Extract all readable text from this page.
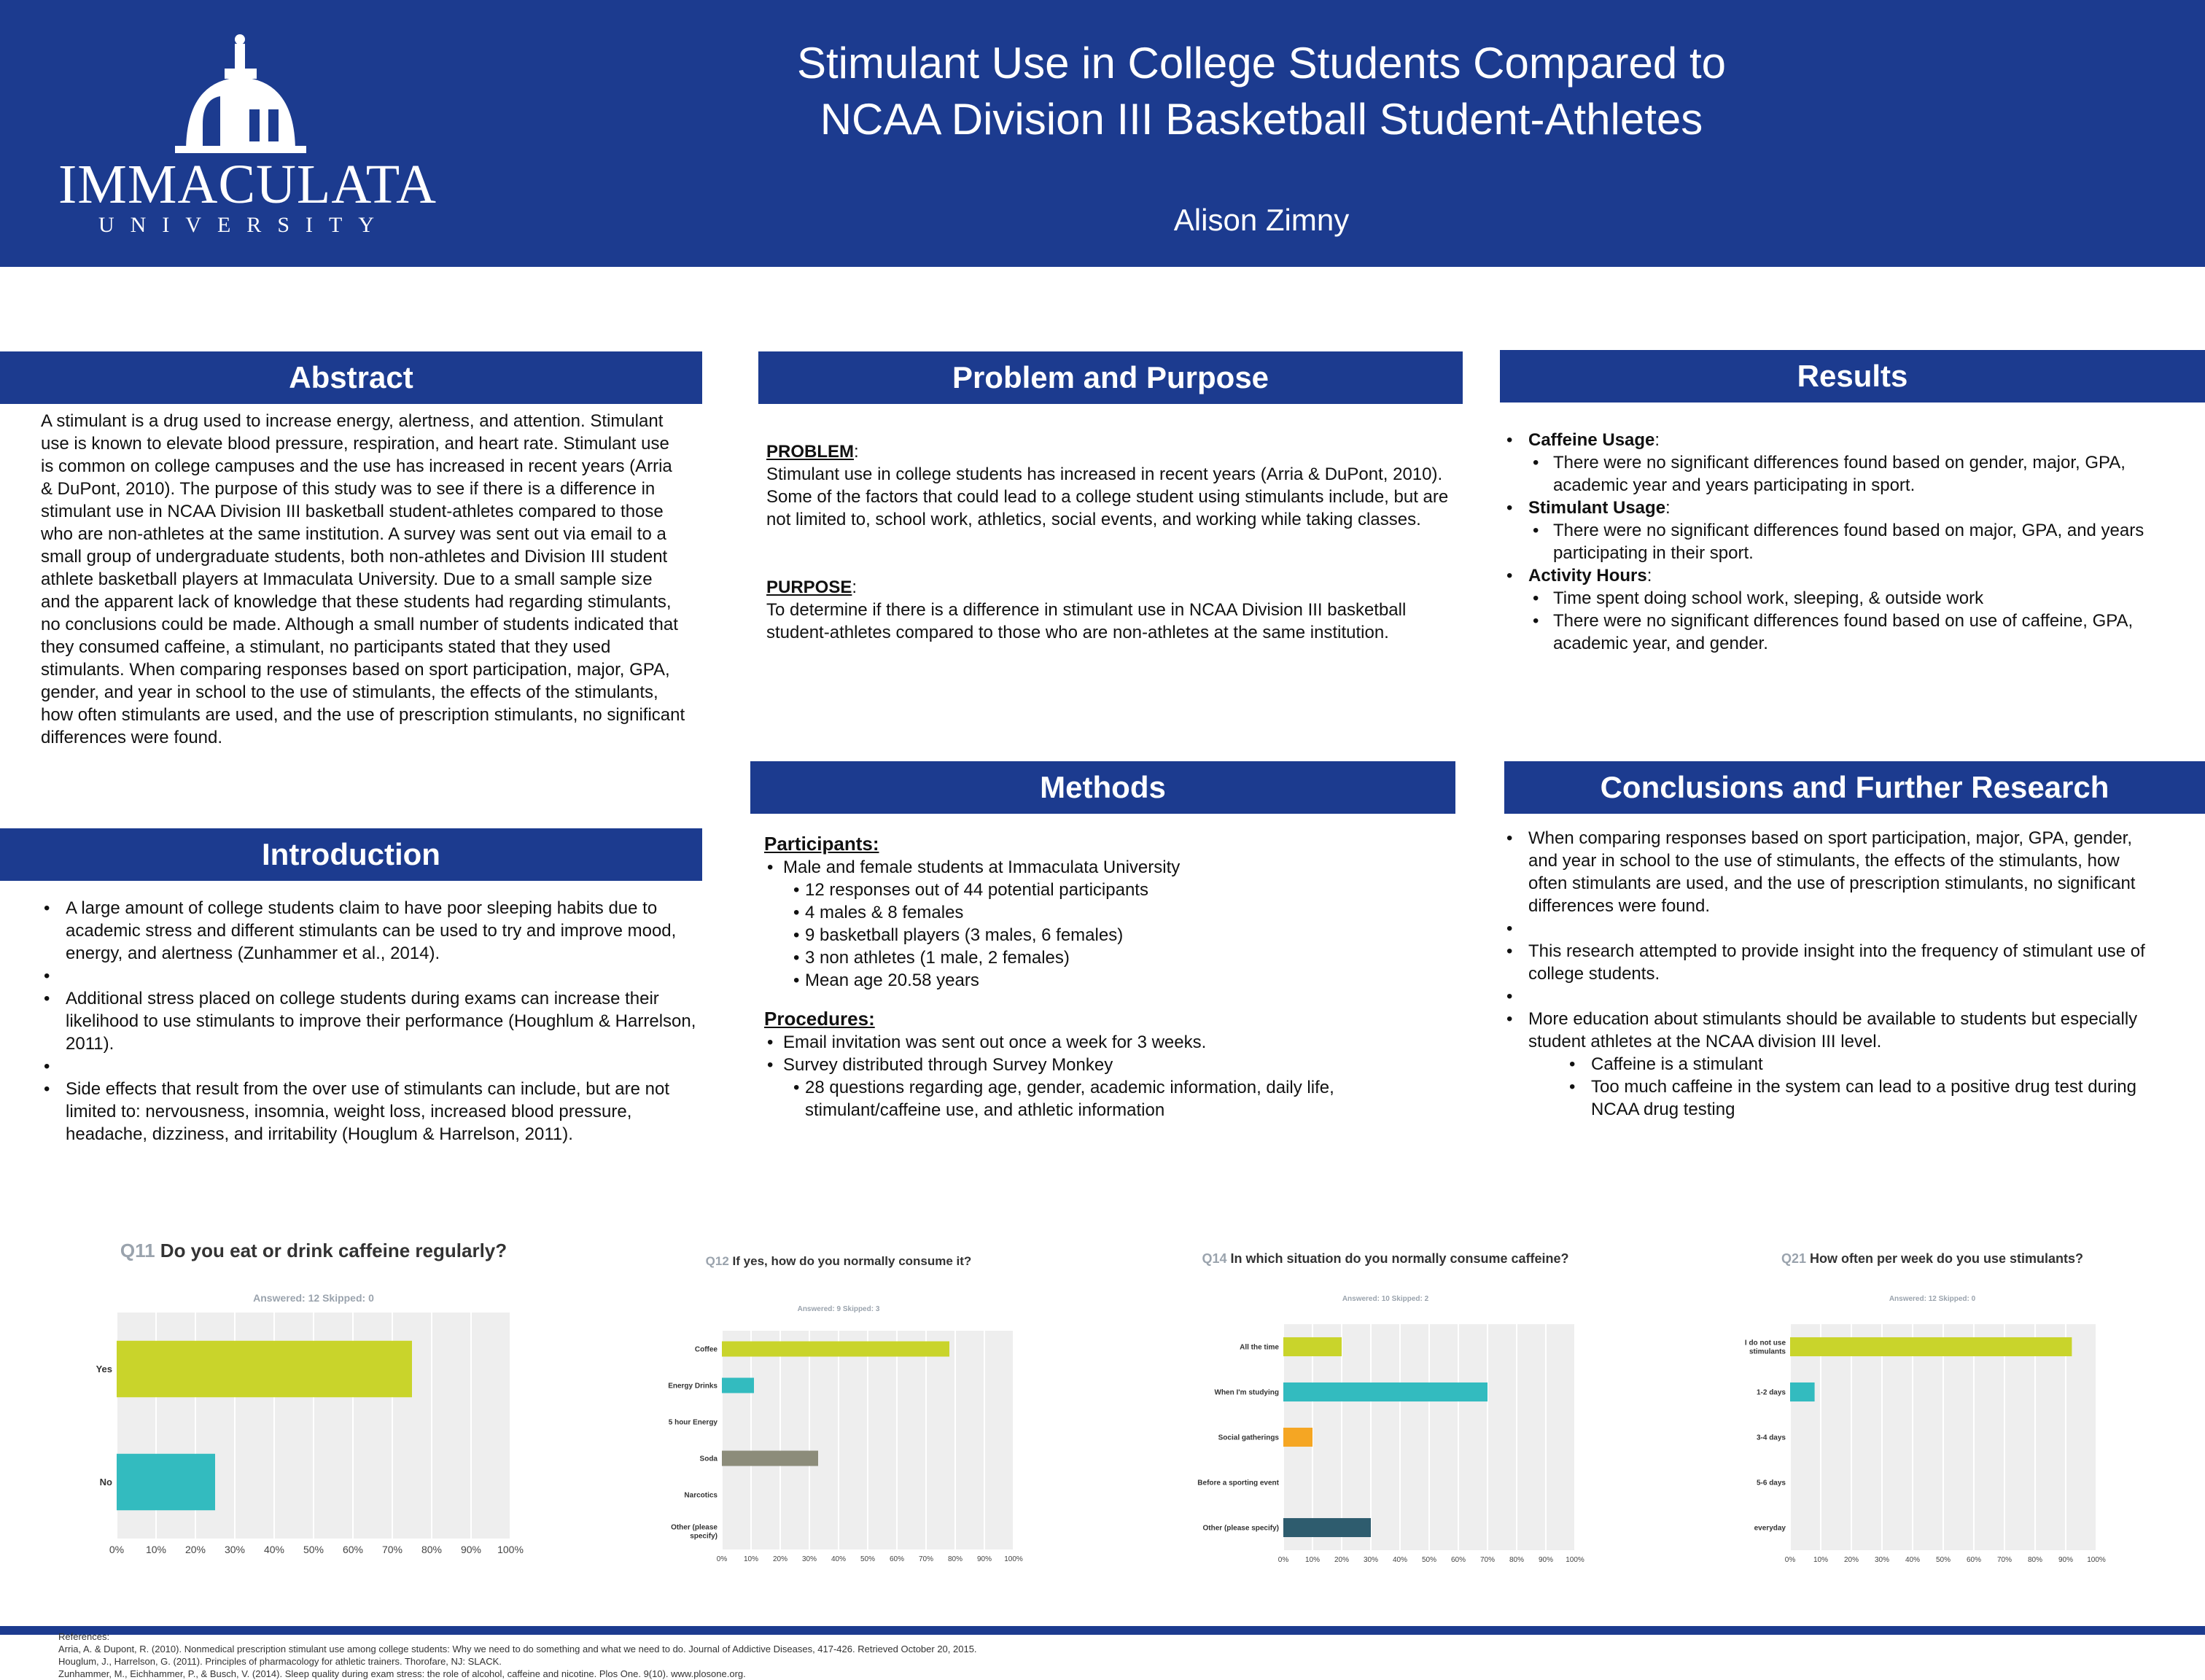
IMMACULATA
UNIVERSITY
Stimulant Use in College Students Compared to
NCAA Division III Basketball Student-Athletes
Alison Zimny
Abstract

A stimulant is a drug used to increase energy, alertness, and attention. Stimulant use is known to elevate blood pressure, respiration, and heart rate. Stimulant use is common on college campuses and the use has increased in recent years (Arria & DuPont, 2010). The purpose of this study was to see if there is a difference in stimulant use in NCAA Division III basketball student-athletes compared to those who are non-athletes at the same institution. A survey was sent out via email to a small group of undergraduate students, both non-athletes and Division III student athlete basketball players at Immaculata University. Due to a small sample size and the apparent lack of knowledge that these students had regarding stimulants, no conclusions could be made. Although a small number of students indicated that they consumed caffeine, a stimulant, no participants stated that they used stimulants. When comparing responses based on sport participation, major, GPA, gender, and year in school to the use of stimulants, the effects of the stimulants, how often stimulants are used, and the use of prescription stimulants, no significant differences were found.

Introduction
• A large amount of college students claim to have poor sleeping habits due to academic stress and different stimulants can be used to try and improve mood, energy, and alertness (Zunhammer et al., 2014).
•
• Additional stress placed on college students during exams can increase their likelihood to use stimulants to improve their performance (Houghlum & Harrelson, 2011).
•
• Side effects that result from the over use of stimulants can include, but are not limited to: nervousness, insomnia, weight loss, increased blood pressure, headache, dizziness, and irritability (Houglum & Harrelson, 2011).
Problem and Purpose

PROBLEM:

Stimulant use in college students has increased in recent years (Arria & DuPont, 2010). Some of the factors that could lead to a college student using stimulants include, but are not limited to, school work, athletics, social events, and working while taking classes.

PURPOSE:

To determine if there is a difference in stimulant use in NCAA Division III basketball student-athletes compared to those who are non-athletes at the same institution.

Methods

Participants:

• Male and female students at Immaculata University
• 12 responses out of 44 potential participants
• 4 males & 8 females
• 9 basketball players (3 males, 6 females)
• 3 non athletes (1 male, 2 females)
• Mean age 20.58 years

Procedures:

• Email invitation was sent out once a week for 3 weeks.
• Survey distributed through Survey Monkey
• 28 questions regarding age, gender, academic information, daily life, stimulant/caffeine use, and athletic information
Results
• Caffeine Usage:
• There were no significant differences found based on gender, major, GPA, academic year and years participating in sport.
• Stimulant Usage:
• There were no significant differences found based on major, GPA, and years participating in their sport.
• Activity Hours:
• Time spent doing school work, sleeping, & outside work
• There were no significant differences found based on use of caffeine, GPA, academic year, and gender.
Conclusions and Further Research
• When comparing responses based on sport participation, major, GPA, gender, and year in school to the use of stimulants, the effects of the stimulants, how often stimulants are used, and the use of prescription stimulants, no significant differences were found.
•
• This research attempted to provide insight into the frequency of stimulant use of college students.
•
• More education about stimulants should be available to students but especially student athletes at the NCAA division III level.
• Caffeine is a stimulant
• Too much caffeine in the system can lead to a positive drug test during NCAA drug testing
Q11 Do you eat or drink caffeine regularly?
Answered: 12 Skipped: 0
0% 10% 20% 30% 40% 50% 60% 70% 80% 90% 100%
Yes
No
Q12 If yes, how do you normally consume it?
Answered: 9 Skipped: 3
0% 10% 20% 30% 40% 50% 60% 70% 80% 90% 100%
Coffee
Energy Drinks
5 hour Energy
Soda
Narcotics
Other (please specify)
Q14 In which situation do you normally consume caffeine?
Answered: 10 Skipped: 2
0% 10% 20% 30% 40% 50% 60% 70% 80% 90% 100%
All the time
When I'm studying
Social gatherings
Before a sporting event
Other (please specify)
Q21 How often per week do you use stimulants?
Answered: 12 Skipped: 0
0% 10% 20% 30% 40% 50% 60% 70% 80% 90% 100%
I do not use stimulants
1-2 days
3-4 days
5-6 days
everyday

References:

Arria, A. & Dupont, R. (2010). Nonmedical prescription stimulant use among college students: Why we need to do something and what we need to do. Journal of Addictive Diseases, 417-426. Retrieved October 20, 2015.

Houglum, J., Harrelson, G. (2011). Principles of pharmacology for athletic trainers. Thorofare, NJ: SLACK.

Zunhammer, M., Eichhammer, P., & Busch, V. (2014). Sleep quality during exam stress: the role of alcohol, caffeine and nicotine. Plos One. 9(10). www.plosone.org.
